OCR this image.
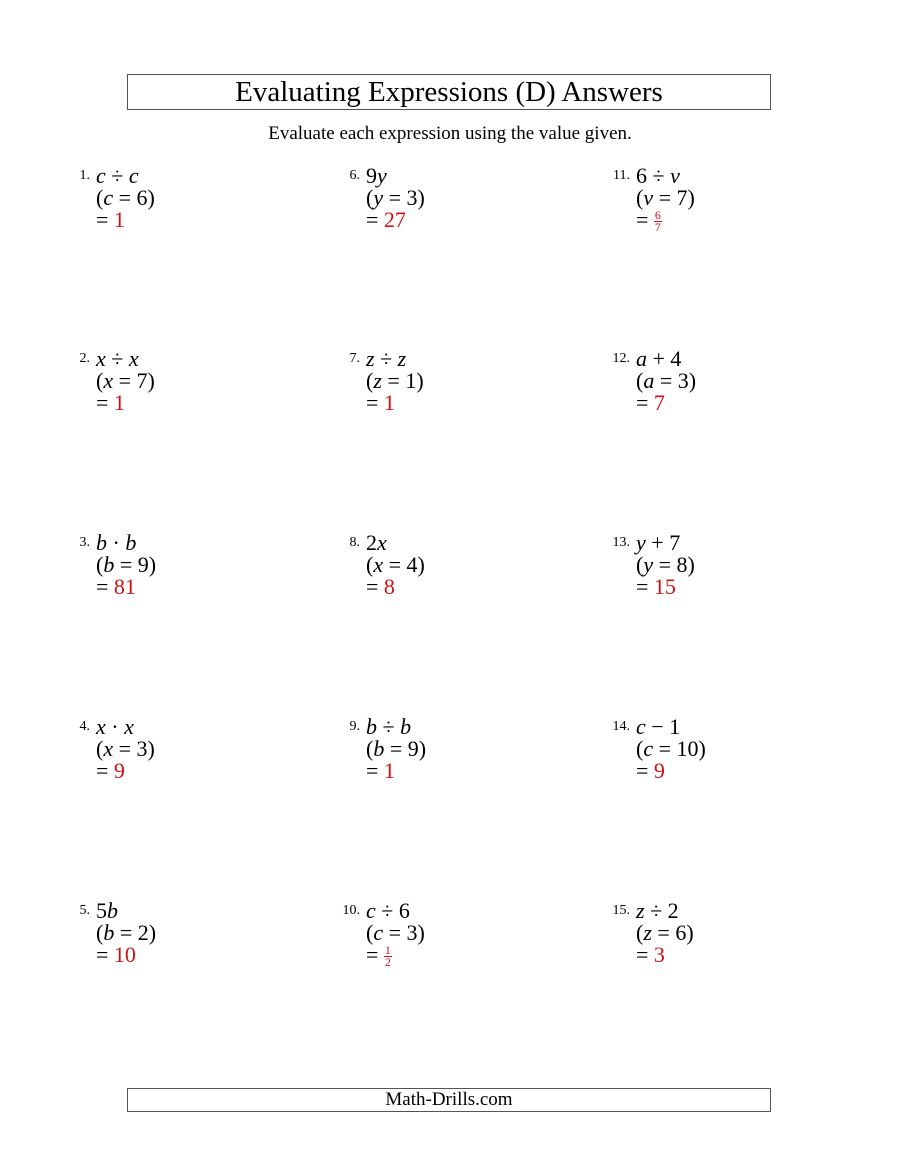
Evaluating Expressions (D) Answers
Evaluate each expression using the value given.
1. c ÷ c
(c = 6)
= 1
2. x ÷ x
(x = 7)
= 1
3. b · b
(b = 9)
= 81
4. x · x
(x = 3)
= 9
5. 5b
(b = 2)
= 10
6. 9y
(y = 3)
= 27
7. z ÷ z
(z = 1)
= 1
8. 2x
(x = 4)
= 8
9. b ÷ b
(b = 9)
= 1
10. c ÷ 6
(c = 3)
= $\frac{1}{2}$
11. 6 ÷ v
(v = 7)
= $\frac{6}{7}$
12. a + 4
(a = 3)
= 7
13. y + 7
(y = 8)
= 15
14. c − 1
(c = 10)
= 9
15. z ÷ 2
(z = 6)
= 3
Math-Drills.com
